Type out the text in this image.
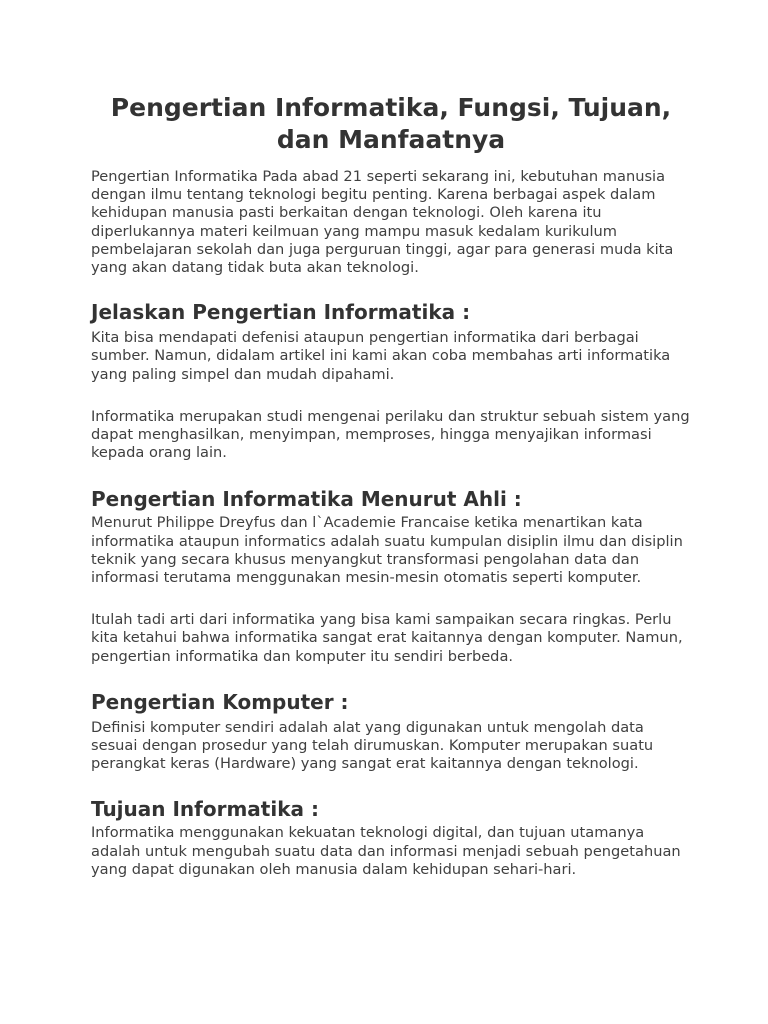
Pengertian Informatika, Fungsi, Tujuan, dan Manfaatnya

Pengertian Informatika Pada abad 21 seperti sekarang ini, kebutuhan manusia dengan ilmu tentang teknologi begitu penting. Karena berbagai aspek dalam kehidupan manusia pasti berkaitan dengan teknologi. Oleh karena itu diperlukannya materi keilmuan yang mampu masuk kedalam kurikulum pembelajaran sekolah dan juga perguruan tinggi, agar para generasi muda kita yang akan datang tidak buta akan teknologi.

Jelaskan Pengertian Informatika :

Kita bisa mendapati defenisi ataupun pengertian informatika dari berbagai sumber. Namun, didalam artikel ini kami akan coba membahas arti informatika yang paling simpel dan mudah dipahami.

Informatika merupakan studi mengenai perilaku dan struktur sebuah sistem yang dapat menghasilkan, menyimpan, memproses, hingga menyajikan informasi kepada orang lain.

Pengertian Informatika Menurut Ahli :

Menurut Philippe Dreyfus dan l`Academie Francaise ketika menartikan kata informatika ataupun informatics adalah suatu kumpulan disiplin ilmu dan disiplin teknik yang secara khusus menyangkut transformasi pengolahan data dan informasi terutama menggunakan mesin-mesin otomatis seperti komputer.

Itulah tadi arti dari informatika yang bisa kami sampaikan secara ringkas. Perlu kita ketahui bahwa informatika sangat erat kaitannya dengan komputer. Namun, pengertian informatika dan komputer itu sendiri berbeda.

Pengertian Komputer :

Definisi komputer sendiri adalah alat yang digunakan untuk mengolah data sesuai dengan prosedur yang telah dirumuskan. Komputer merupakan suatu perangkat keras (Hardware) yang sangat erat kaitannya dengan teknologi.

Tujuan Informatika :

Informatika menggunakan kekuatan teknologi digital, dan tujuan utamanya adalah untuk mengubah suatu data dan informasi menjadi sebuah pengetahuan yang dapat digunakan oleh manusia dalam kehidupan sehari-hari.
